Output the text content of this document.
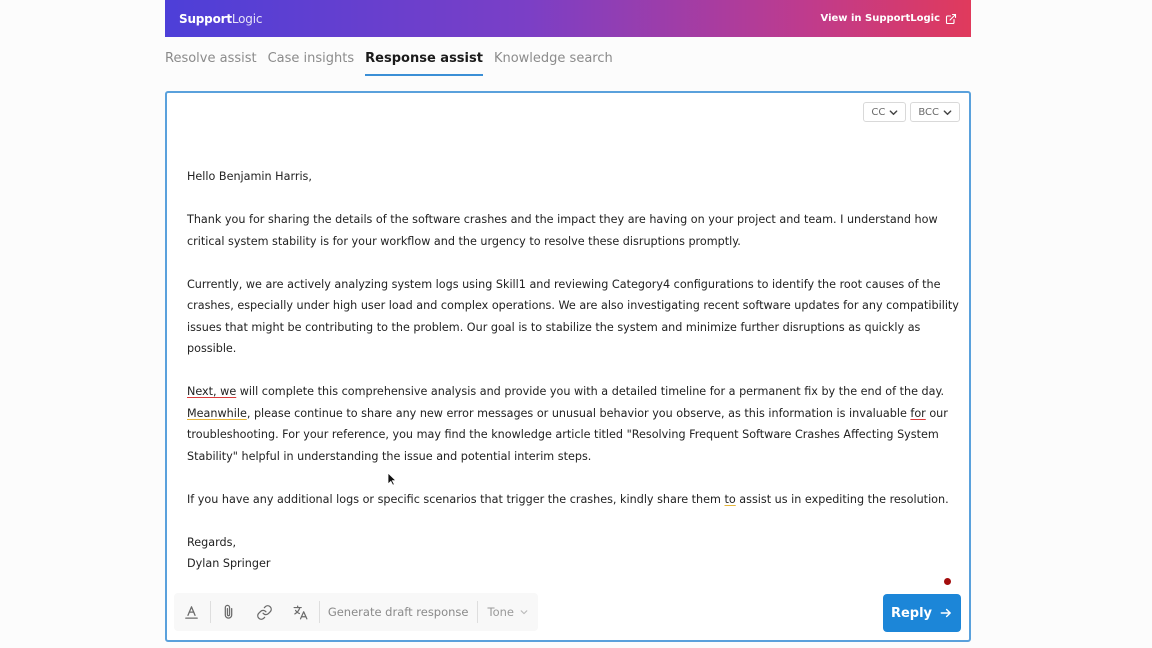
SupportLogic	View in SupportLogic
Resolve assist Case insights Response assist Knowledge search
CC	BCC

Hello Benjamin Harris,

Thank you for sharing the details of the software crashes and the impact they are having on your project and team. I understand how critical system stability is for your workflow and the urgency to resolve these disruptions promptly.

Currently, we are actively analyzing system logs using Skill1 and reviewing Category4 configurations to identify the root causes of the crashes, especially under high user load and complex operations. We are also investigating recent software updates for any compatibility issues that might be contributing to the problem. Our goal is to stabilize the system and minimize further disruptions as quickly as possible.

Next, we will complete this comprehensive analysis and provide you with a detailed timeline for a permanent fix by the end of the day. Meanwhile, please continue to share any new error messages or unusual behavior you observe, as this information is invaluable for our troubleshooting. For your reference, you may find the knowledge article titled "Resolving Frequent Software Crashes Affecting System Stability" helpful in understanding the issue and potential interim steps.

If you have any additional logs or specific scenarios that trigger the crashes, kindly share them to assist us in expediting the resolution.

Regards,

Dylan Springer

Generate draft response	Tone	Reply
